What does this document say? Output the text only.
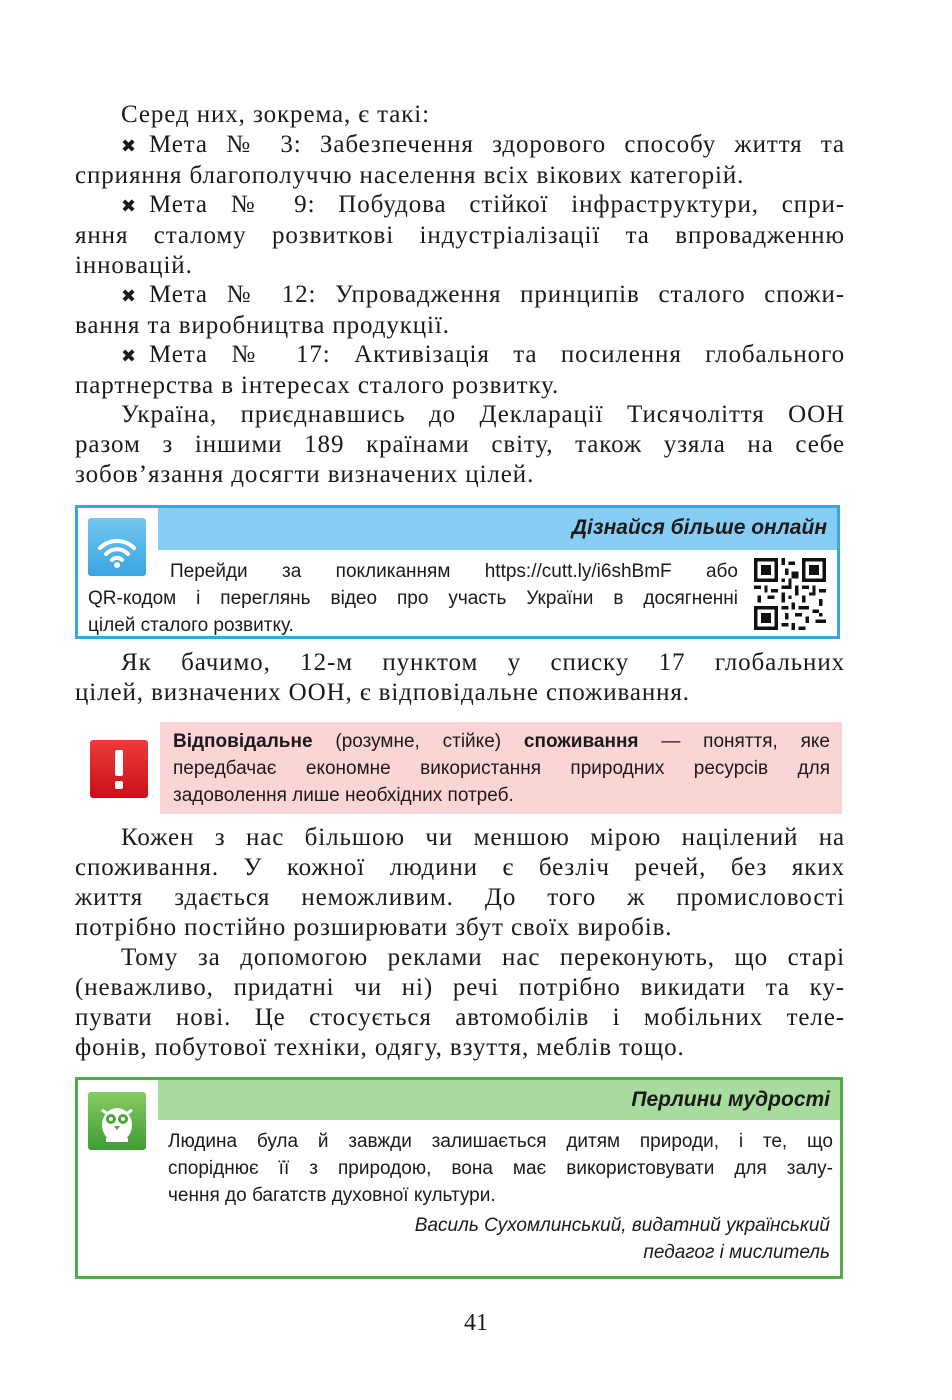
Серед них, зокрема, є такі:

✖ Мета № 3: Забезпечення здорового способу життя та
сприяння благополуччю населення всіх вікових категорій.

✖ Мета № 9: Побудова стійкої інфраструктури, спри-
яння сталому розвиткові індустріалізації та впровадженню
інновацій.

✖ Мета № 12: Упровадження принципів сталого спожи-
вання та виробництва продукції.

✖ Мета № 17: Активізація та посилення глобального
партнерства в інтересах сталого розвитку.

Україна, приєднавшись до Декларації Тисячоліття ООН
разом з іншими 189 країнами світу, також узяла на себе
зобов’язання досягти визначених цілей.

Дізнайся більше онлайн
Перейди за покликанням https://cutt.ly/i6shBmF або
QR-кодом і переглянь відео про участь України в досягненні
цілей сталого розвитку.

Як бачимо, 12-м пунктом у списку 17 глобальних
цілей, визначених ООН, є відповідальне споживання.

Відповідальне (розумне, стійке) споживання — поняття, яке
передбачає економне використання природних ресурсів для
задоволення лише необхідних потреб.

Кожен з нас більшою чи меншою мірою націлений на
споживання. У кожної людини є безліч речей, без яких
життя здається неможливим. До того ж промисловості
потрібно постійно розширювати збут своїх виробів.

Тому за допомогою реклами нас переконують, що старі
(неважливо, придатні чи ні) речі потрібно викидати та ку-
пувати нові. Це стосується автомобілів і мобільних теле-
фонів, побутової техніки, одягу, взуття, меблів тощо.

Перлини мудрості
Людина була й завжди залишається дитям природи, і те, що
споріднює її з природою, вона має використовувати для залу-
чення до багатств духовної культури.
Василь Сухомлинський, видатний український
педагог і мислитель
41
